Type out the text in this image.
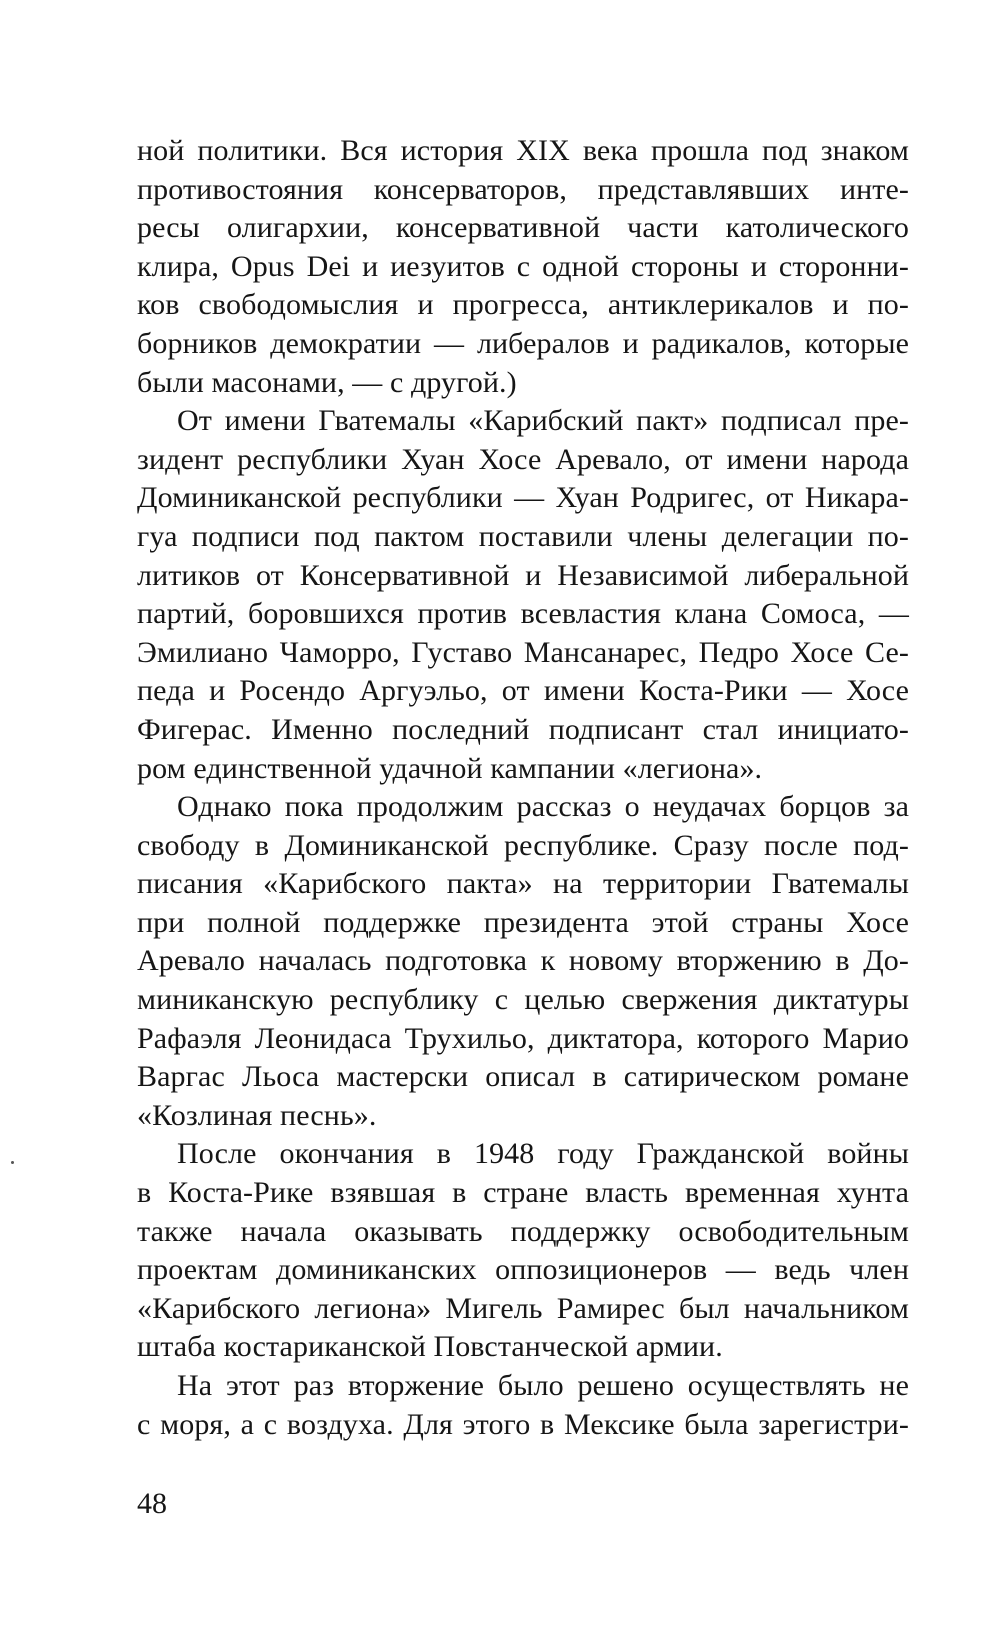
ной политики. Вся история XIX века прошла под знаком
противостояния консерваторов, представлявших инте-
ресы олигархии, консервативной части католического
клира, Opus Dei и иезуитов с одной стороны и сторонни-
ков свободомыслия и прогресса, антиклерикалов и по-
борников демократии — либералов и радикалов, которые
были масонами, — с другой.)
От имени Гватемалы «Карибский пакт» подписал пре-
зидент республики Хуан Хосе Аревало, от имени народа
Доминиканской республики — Хуан Родригес, от Никара-
гуа подписи под пактом поставили члены делегации по-
литиков от Консервативной и Независимой либеральной
партий, боровшихся против всевластия клана Сомоса, —
Эмилиано Чаморро, Густаво Мансанарес, Педро Хосе Се-
педа и Росендо Аргуэльо, от имени Коста-Рики — Хосе
Фигерас. Именно последний подписант стал инициато-
ром единственной удачной кампании «легиона».
Однако пока продолжим рассказ о неудачах борцов за
свободу в Доминиканской республике. Сразу после под-
писания «Карибского пакта» на территории Гватемалы
при полной поддержке президента этой страны Хосе
Аревало началась подготовка к новому вторжению в До-
миниканскую республику с целью свержения диктатуры
Рафаэля Леонидаса Трухильо, диктатора, которого Марио
Варгас Льоса мастерски описал в сатирическом романе
«Козлиная песнь».
После окончания в 1948 году Гражданской войны
в Коста-Рике взявшая в стране власть временная хунта
также начала оказывать поддержку освободительным
проектам доминиканских оппозиционеров — ведь член
«Карибского легиона» Мигель Рамирес был начальником
штаба костариканской Повстанческой армии.
На этот раз вторжение было решено осуществлять не
с моря, а с воздуха. Для этого в Мексике была зарегистри-
48
